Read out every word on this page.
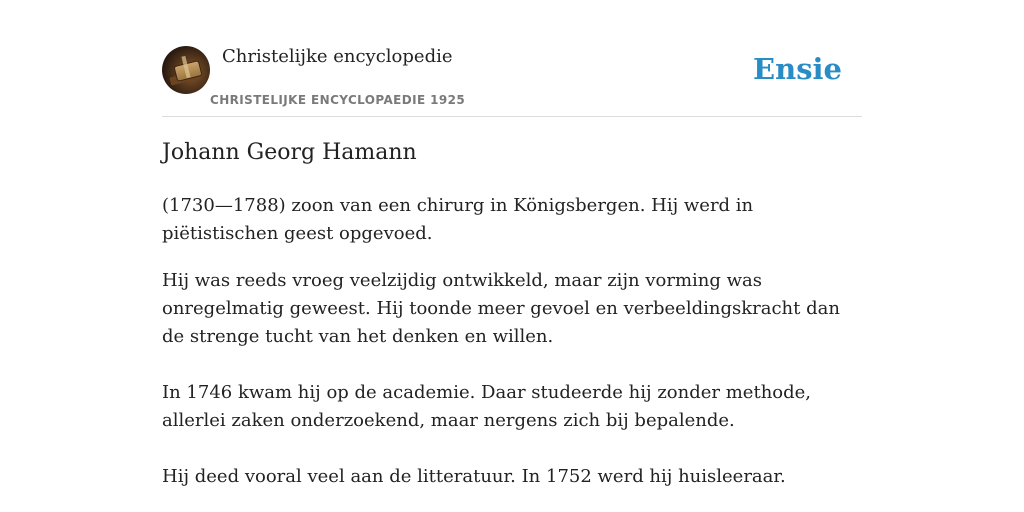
Christelijke encyclopedie
CHRISTELIJKE ENCYCLOPAEDIE 1925
Ensie
Johann Georg Hamann

(1730—1788) zoon van een chirurg in Königsbergen. Hij werd in piëtistischen geest opgevoed.

Hij was reeds vroeg veelzijdig ontwikkeld, maar zijn vorming was onregelmatig geweest. Hij toonde meer gevoel en verbeeldingskracht dan de strenge tucht van het denken en willen.

In 1746 kwam hij op de academie. Daar studeerde hij zonder methode, allerlei zaken onderzoekend, maar nergens zich bij bepalende.

Hij deed vooral veel aan de litteratuur. In 1752 werd hij huisleeraar.
